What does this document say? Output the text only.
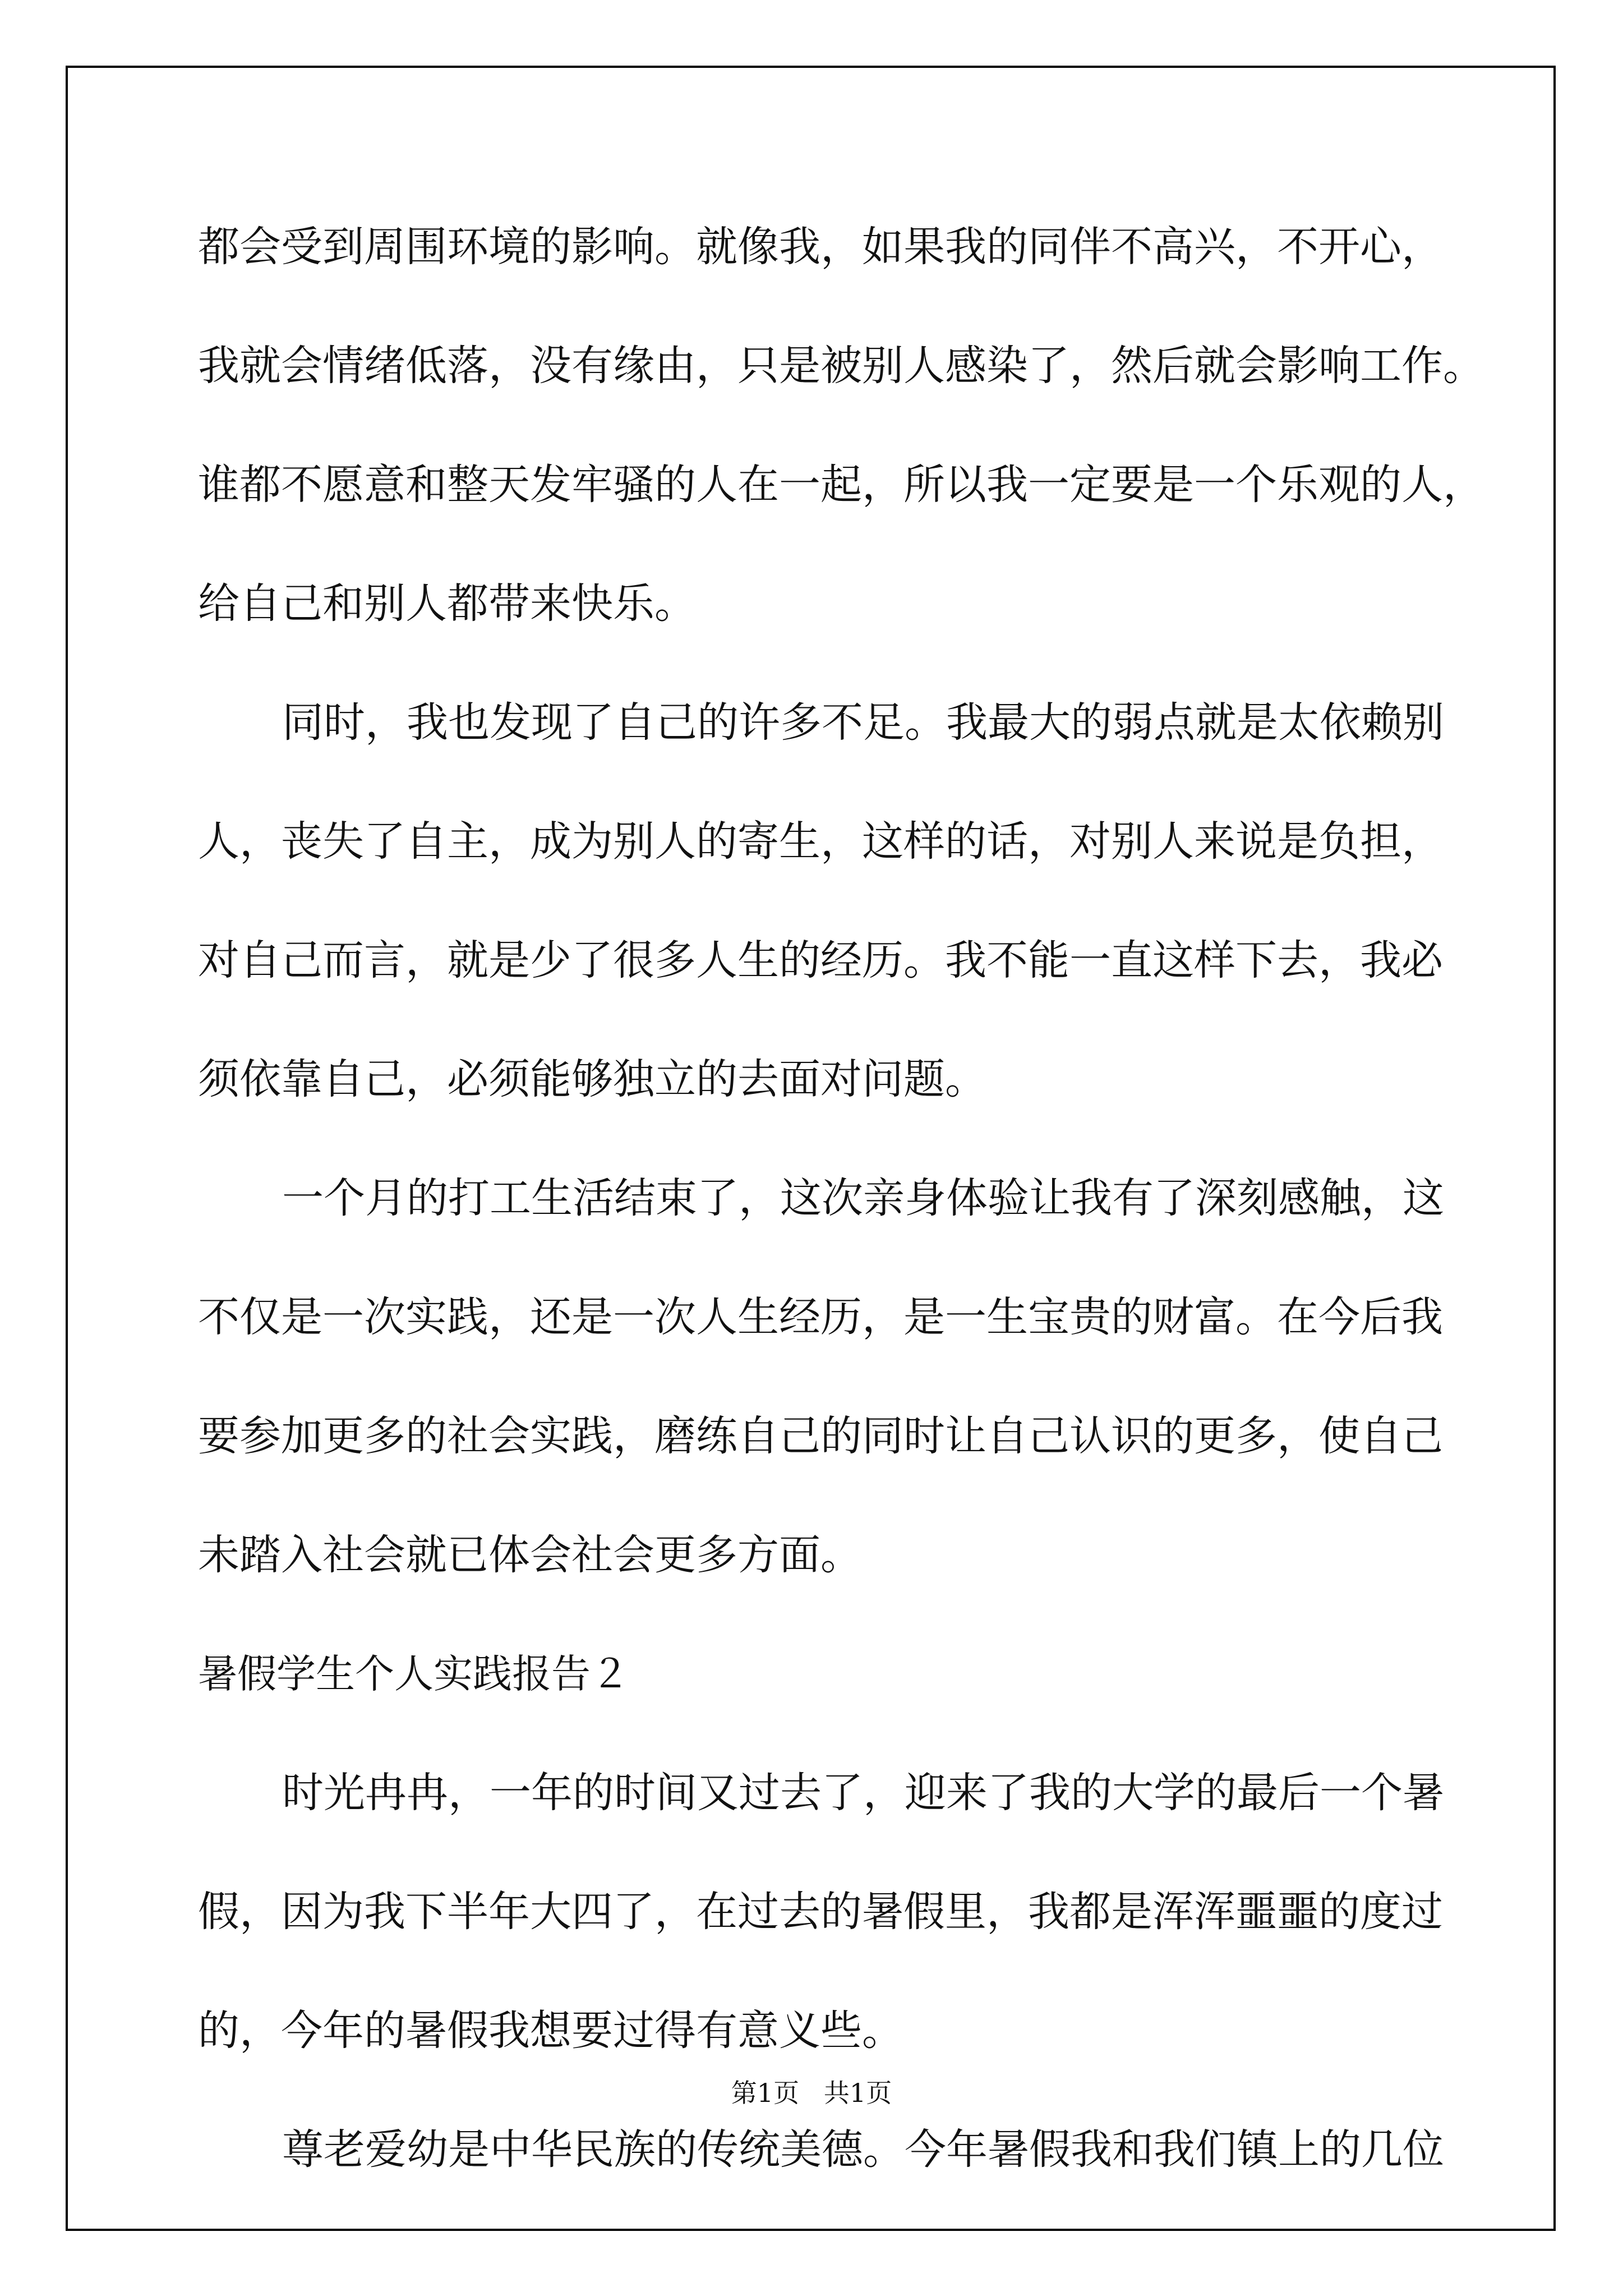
都会受到周围环境的影响。就像我，如果我的同伴不高兴，不开心，
我就会情绪低落，没有缘由，只是被别人感染了，然后就会影响工作。
谁都不愿意和整天发牢骚的人在一起，所以我一定要是一个乐观的人，
给自己和别人都带来快乐。
同时，我也发现了自己的许多不足。我最大的弱点就是太依赖别
人，丧失了自主，成为别人的寄生，这样的话，对别人来说是负担，
对自己而言，就是少了很多人生的经历。我不能一直这样下去，我必
须依靠自己，必须能够独立的去面对问题。
一个月的打工生活结束了，这次亲身体验让我有了深刻感触，这
不仅是一次实践，还是一次人生经历，是一生宝贵的财富。在今后我
要参加更多的社会实践，磨练自己的同时让自己认识的更多，使自己
未踏入社会就已体会社会更多方面。
暑假学生个人实践报告２
时光冉冉，一年的时间又过去了，迎来了我的大学的最后一个暑
假，因为我下半年大四了，在过去的暑假里，我都是浑浑噩噩的度过
的，今年的暑假我想要过得有意义些。
尊老爱幼是中华民族的传统美德。今年暑假我和我们镇上的几位
第1页   共1页
